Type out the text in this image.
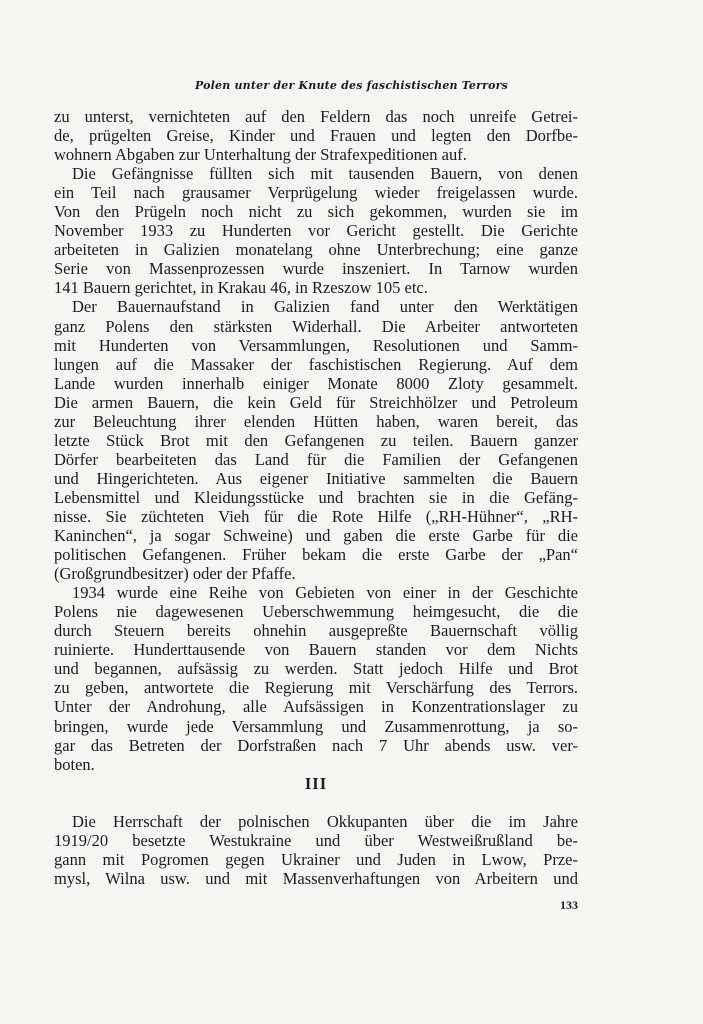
Polen unter der Knute des faschistischen Terrors
zu unterst, vernichteten auf den Feldern das noch unreife Getrei-
de, prügelten Greise, Kinder und Frauen und legten den Dorfbe-
wohnern Abgaben zur Unterhaltung der Strafexpeditionen auf.
Die Gefängnisse füllten sich mit tausenden Bauern, von denen
ein Teil nach grausamer Verprügelung wieder freigelassen wurde.
Von den Prügeln noch nicht zu sich gekommen, wurden sie im
November 1933 zu Hunderten vor Gericht gestellt. Die Gerichte
arbeiteten in Galizien monatelang ohne Unterbrechung; eine ganze
Serie von Massenprozessen wurde inszeniert. In Tarnow wurden
141 Bauern gerichtet, in Krakau 46, in Rzeszow 105 etc.
Der Bauernaufstand in Galizien fand unter den Werktätigen
ganz Polens den stärksten Widerhall. Die Arbeiter antworteten
mit Hunderten von Versammlungen, Resolutionen und Samm-
lungen auf die Massaker der faschistischen Regierung. Auf dem
Lande wurden innerhalb einiger Monate 8000 Zloty gesammelt.
Die armen Bauern, die kein Geld für Streichhölzer und Petroleum
zur Beleuchtung ihrer elenden Hütten haben, waren bereit, das
letzte Stück Brot mit den Gefangenen zu teilen. Bauern ganzer
Dörfer bearbeiteten das Land für die Familien der Gefangenen
und Hingerichteten. Aus eigener Initiative sammelten die Bauern
Lebensmittel und Kleidungsstücke und brachten sie in die Gefäng-
nisse. Sie züchteten Vieh für die Rote Hilfe („RH-Hühner“, „RH-
Kaninchen“, ja sogar Schweine) und gaben die erste Garbe für die
politischen Gefangenen. Früher bekam die erste Garbe der „Pan“
(Großgrundbesitzer) oder der Pfaffe.
1934 wurde eine Reihe von Gebieten von einer in der Geschichte
Polens nie dagewesenen Ueberschwemmung heimgesucht, die die
durch Steuern bereits ohnehin ausgepreßte Bauernschaft völlig
ruinierte. Hunderttausende von Bauern standen vor dem Nichts
und begannen, aufsässig zu werden. Statt jedoch Hilfe und Brot
zu geben, antwortete die Regierung mit Verschärfung des Terrors.
Unter der Androhung, alle Aufsässigen in Konzentrationslager zu
bringen, wurde jede Versammlung und Zusammenrottung, ja so-
gar das Betreten der Dorfstraßen nach 7 Uhr abends usw. ver-
boten.
III
Die Herrschaft der polnischen Okkupanten über die im Jahre
1919/20 besetzte Westukraine und über Westweißrußland be-
gann mit Pogromen gegen Ukrainer und Juden in Lwow, Prze-
mysl, Wilna usw. und mit Massenverhaftungen von Arbeitern und
133
